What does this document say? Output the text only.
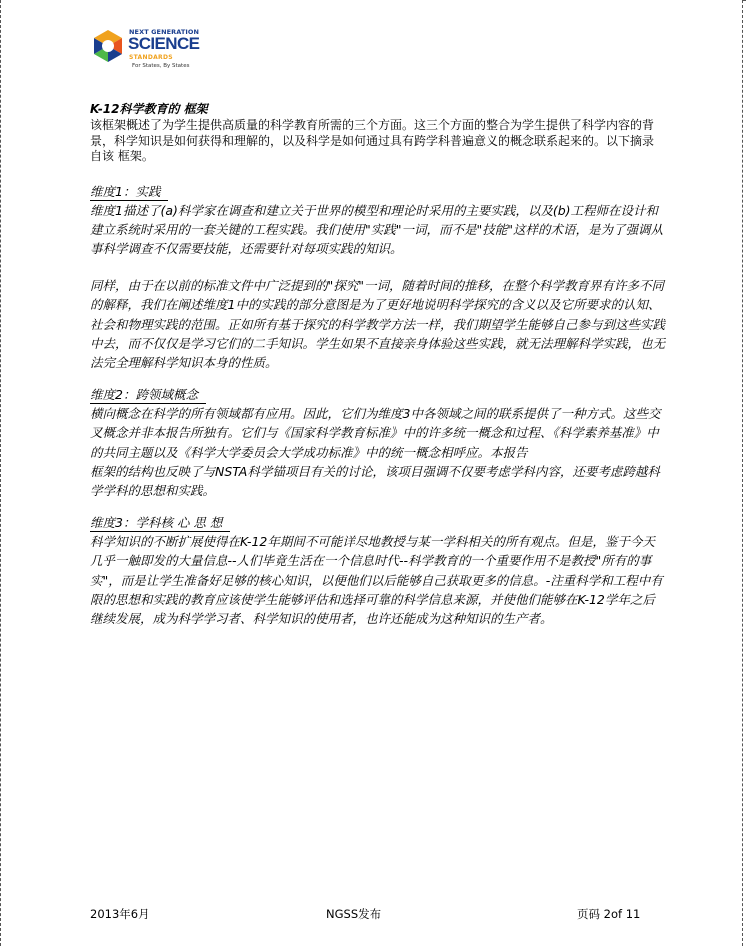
NEXT GENERATION
SCIENCE
STANDARDS
For States, By States

K-12科学教育的 框架

该框架概述了为学生提供高质量的科学教育所需的三个方面。这三个方面的整合为学生提供了科学内容的背景，科学知识是如何获得和理解的，以及科学是如何通过具有跨学科普遍意义的概念联系起来的。以下摘录自该 框架。

维度1：实践

维度1描述了(a)科学家在调查和建立关于世界的模型和理论时采用的主要实践，以及(b)工程师在设计和建立系统时采用的一套关键的工程实践。我们使用"实践"一词，而不是"技能"这样的术语，是为了强调从事科学调查不仅需要技能，还需要针对每项实践的知识。

同样，由于在以前的标准文件中广泛提到的"探究"一词，随着时间的推移，在整个科学教育界有许多不同的解释，我们在阐述维度1中的实践的部分意图是为了更好地说明科学探究的含义以及它所要求的认知、社会和物理实践的范围。正如所有基于探究的科学教学方法一样，我们期望学生能够自己参与到这些实践中去，而不仅仅是学习它们的二手知识。学生如果不直接亲身体验这些实践，就无法理解科学实践，也无法完全理解科学知识本身的性质。

维度2：跨领域概念

横向概念在科学的所有领域都有应用。因此，它们为维度3中各领域之间的联系提供了一种方式。这些交叉概念并非本报告所独有。它们与《国家科学教育标准》中的许多统一概念和过程、《科学素养基准》中的共同主题以及《科学大学委员会大学成功标准》中的统一概念相呼应。本报告

框架的结构也反映了与NSTA科学锚项目有关的讨论，该项目强调不仅要考虑学科内容，还要考虑跨越科学学科的思想和实践。

维度3：学科核 心 思 想

科学知识的不断扩展使得在K-12年期间不可能详尽地教授与某一学科相关的所有观点。但是，鉴于今天几乎一触即发的大量信息--人们毕竟生活在一个信息时代--科学教育的一个重要作用不是教授"所有的事实"，而是让学生准备好足够的核心知识，以便他们以后能够自己获取更多的信息。-注重科学和工程中有限的思想和实践的教育应该使学生能够评估和选择可靠的科学信息来源，并使他们能够在K-12学年之后继续发展，成为科学学习者、科学知识的使用者，也许还能成为这种知识的生产者。

2013年6月	NGSS发布	页码 2of 11
